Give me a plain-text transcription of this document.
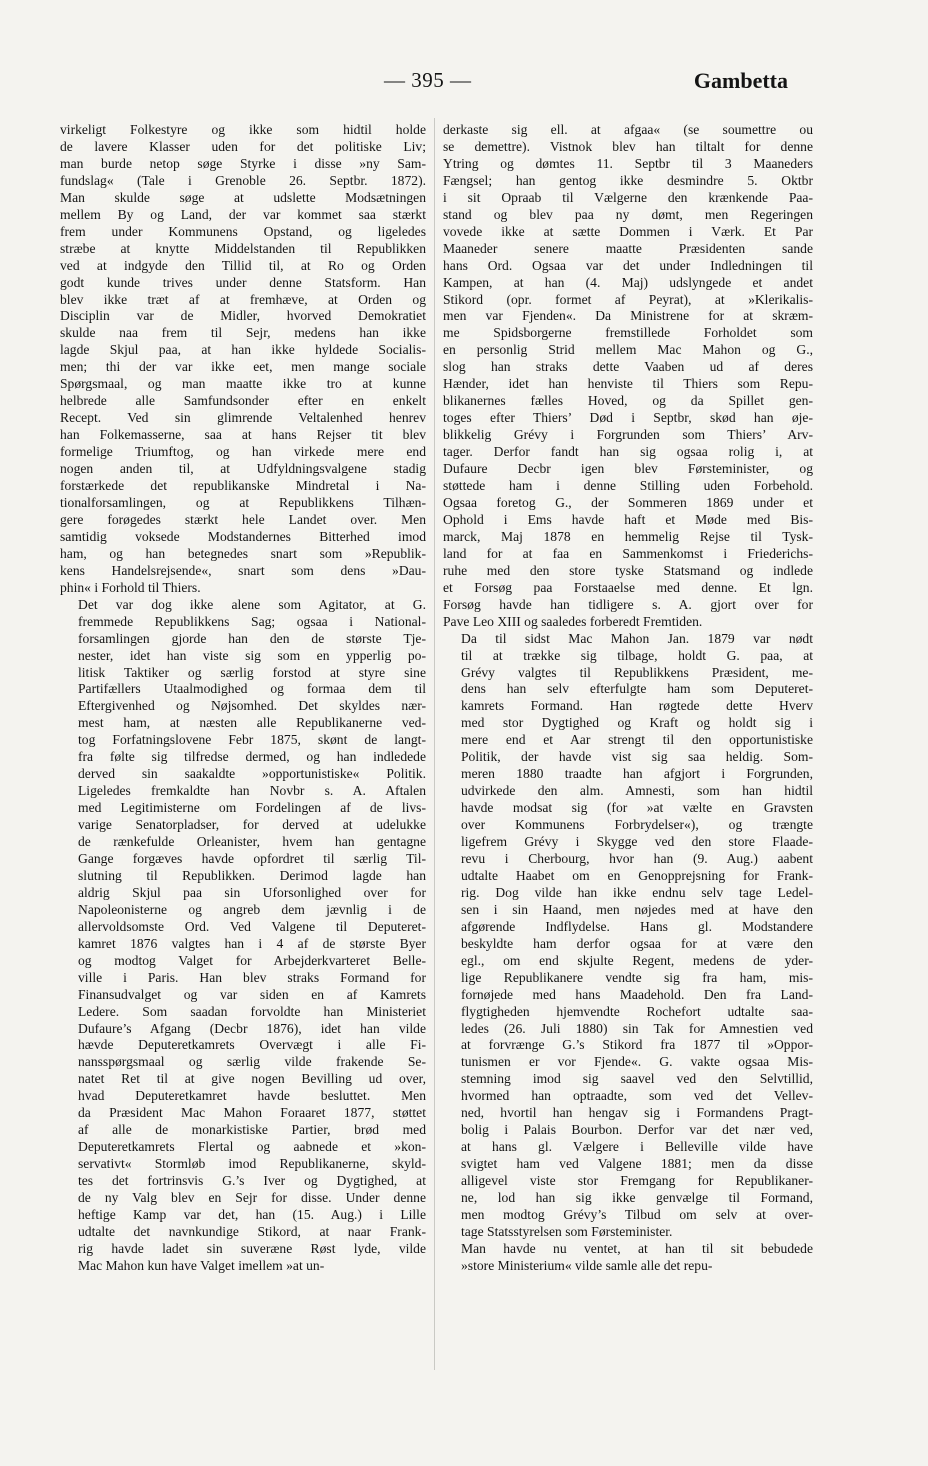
— 395 —	Gambetta

virkeligt Folkestyre og ikke som hidtil holde
de lavere Klasser uden for det politiske Liv;
man burde netop søge Styrke i disse »ny Sam-
fundslag« (Tale i Grenoble 26. Septbr. 1872).
Man skulde søge at udslette Modsætningen
mellem By og Land, der var kommet saa stærkt
frem under Kommunens Opstand, og ligeledes
stræbe at knytte Middelstanden til Republikken
ved at indgyde den Tillid til, at Ro og Orden
godt kunde trives under denne Statsform. Han
blev ikke træt af at fremhæve, at Orden og
Disciplin var de Midler, hvorved Demokratiet
skulde naa frem til Sejr, medens han ikke
lagde Skjul paa, at han ikke hyldede Socialis-
men; thi der var ikke eet, men mange sociale
Spørgsmaal, og man maatte ikke tro at kunne
helbrede alle Samfundsonder efter en enkelt
Recept. Ved sin glimrende Veltalenhed henrev
han Folkemasserne, saa at hans Rejser tit blev
formelige Triumftog, og han virkede mere end
nogen anden til, at Udfyldningsvalgene stadig
forstærkede det republikanske Mindretal i Na-
tionalforsamlingen, og at Republikkens Tilhæn-
gere forøgedes stærkt hele Landet over. Men
samtidig voksede Modstandernes Bitterhed imod
ham, og han betegnedes snart som »Republik-
kens Handelsrejsende«, snart som dens »Dau-
phin« i Forhold til Thiers.

Det var dog ikke alene som Agitator, at G.
fremmede Republikkens Sag; ogsaa i National-
forsamlingen gjorde han den de største Tje-
nester, idet han viste sig som en ypperlig po-
litisk Taktiker og særlig forstod at styre sine
Partifællers Utaalmodighed og formaa dem til
Eftergivenhed og Nøjsomhed. Det skyldes nær-
mest ham, at næsten alle Republikanerne ved-
tog Forfatningslovene Febr 1875, skønt de langt-
fra følte sig tilfredse dermed, og han indledede
derved sin saakaldte »opportunistiske« Politik.
Ligeledes fremkaldte han Novbr s. A. Aftalen
med Legitimisterne om Fordelingen af de livs-
varige Senatorpladser, for derved at udelukke
de rænkefulde Orleanister, hvem han gentagne
Gange forgæves havde opfordret til særlig Til-
slutning til Republikken. Derimod lagde han
aldrig Skjul paa sin Uforsonlighed over for
Napoleonisterne og angreb dem jævnlig i de
allervoldsomste Ord. Ved Valgene til Deputeret-
kamret 1876 valgtes han i 4 af de største Byer
og modtog Valget for Arbejderkvarteret Belle-
ville i Paris. Han blev straks Formand for
Finansudvalget og var siden en af Kamrets
Ledere. Som saadan forvoldte han Ministeriet
Dufaure’s Afgang (Decbr 1876), idet han vilde
hævde Deputeretkamrets Overvægt i alle Fi-
nansspørgsmaal og særlig vilde frakende Se-
natet Ret til at give nogen Bevilling ud over,
hvad Deputeretkamret havde besluttet. Men
da Præsident Mac Mahon Foraaret 1877, støttet
af alle de monarkistiske Partier, brød med
Deputeretkamrets Flertal og aabnede et »kon-
servativt« Stormløb imod Republikanerne, skyld-
tes det fortrinsvis G.’s Iver og Dygtighed, at
de ny Valg blev en Sejr for disse. Under denne
heftige Kamp var det, han (15. Aug.) i Lille
udtalte det navnkundige Stikord, at naar Frank-
rig havde ladet sin suveræne Røst lyde, vilde
Mac Mahon kun have Valget imellem »at un-

derkaste sig ell. at afgaa« (se soumettre ou
se demettre). Vistnok blev han tiltalt for denne
Ytring og dømtes 11. Septbr til 3 Maaneders
Fængsel; han gentog ikke desmindre 5. Oktbr
i sit Opraab til Vælgerne den krænkende Paa-
stand og blev paa ny dømt, men Regeringen
vovede ikke at sætte Dommen i Værk. Et Par
Maaneder senere maatte Præsidenten sande
hans Ord. Ogsaa var det under Indledningen til
Kampen, at han (4. Maj) udslyngede et andet
Stikord (opr. formet af Peyrat), at »Klerikalis-
men var Fjenden«. Da Ministrene for at skræm-
me Spidsborgerne fremstillede Forholdet som
en personlig Strid mellem Mac Mahon og G.,
slog han straks dette Vaaben ud af deres
Hænder, idet han henviste til Thiers som Repu-
blikanernes fælles Hoved, og da Spillet gen-
toges efter Thiers’ Død i Septbr, skød han øje-
blikkelig Grévy i Forgrunden som Thiers’ Arv-
tager. Derfor fandt han sig ogsaa rolig i, at
Dufaure Decbr igen blev Førsteminister, og
støttede ham i denne Stilling uden Forbehold.
Ogsaa foretog G., der Sommeren 1869 under et
Ophold i Ems havde haft et Møde med Bis-
marck, Maj 1878 en hemmelig Rejse til Tysk-
land for at faa en Sammenkomst i Friederichs-
ruhe med den store tyske Statsmand og indlede
et Forsøg paa Forstaaelse med denne. Et lgn.
Forsøg havde han tidligere s. A. gjort over for
Pave Leo XIII og saaledes forberedt Fremtiden.

Da til sidst Mac Mahon Jan. 1879 var nødt
til at trække sig tilbage, holdt G. paa, at
Grévy valgtes til Republikkens Præsident, me-
dens han selv efterfulgte ham som Deputeret-
kamrets Formand. Han røgtede dette Hverv
med stor Dygtighed og Kraft og holdt sig i
mere end et Aar strengt til den opportunistiske
Politik, der havde vist sig saa heldig. Som-
meren 1880 traadte han afgjort i Forgrunden,
udvirkede den alm. Amnesti, som han hidtil
havde modsat sig (for »at vælte en Gravsten
over Kommunens Forbrydelser«), og trængte
ligefrem Grévy i Skygge ved den store Flaade-
revu i Cherbourg, hvor han (9. Aug.) aabent
udtalte Haabet om en Genopprejsning for Frank-
rig. Dog vilde han ikke endnu selv tage Ledel-
sen i sin Haand, men nøjedes med at have den
afgørende Indflydelse. Hans gl. Modstandere
beskyldte ham derfor ogsaa for at være den
egl., om end skjulte Regent, medens de yder-
lige Republikanere vendte sig fra ham, mis-
fornøjede med hans Maadehold. Den fra Land-
flygtigheden hjemvendte Rochefort udtalte saa-
ledes (26. Juli 1880) sin Tak for Amnestien ved
at forvrænge G.’s Stikord fra 1877 til »Oppor-
tunismen er vor Fjende«. G. vakte ogsaa Mis-
stemning imod sig saavel ved den Selvtillid,
hvormed han optraadte, som ved det Vellev-
ned, hvortil han hengav sig i Formandens Pragt-
bolig i Palais Bourbon. Derfor var det nær ved,
at hans gl. Vælgere i Belleville vilde have
svigtet ham ved Valgene 1881; men da disse
alligevel viste stor Fremgang for Republikaner-
ne, lod han sig ikke genvælge til Formand,
men modtog Grévy’s Tilbud om selv at over-
tage Statsstyrelsen som Førsteminister.

Man havde nu ventet, at han til sit bebudede
»store Ministerium« vilde samle alle det repu-
